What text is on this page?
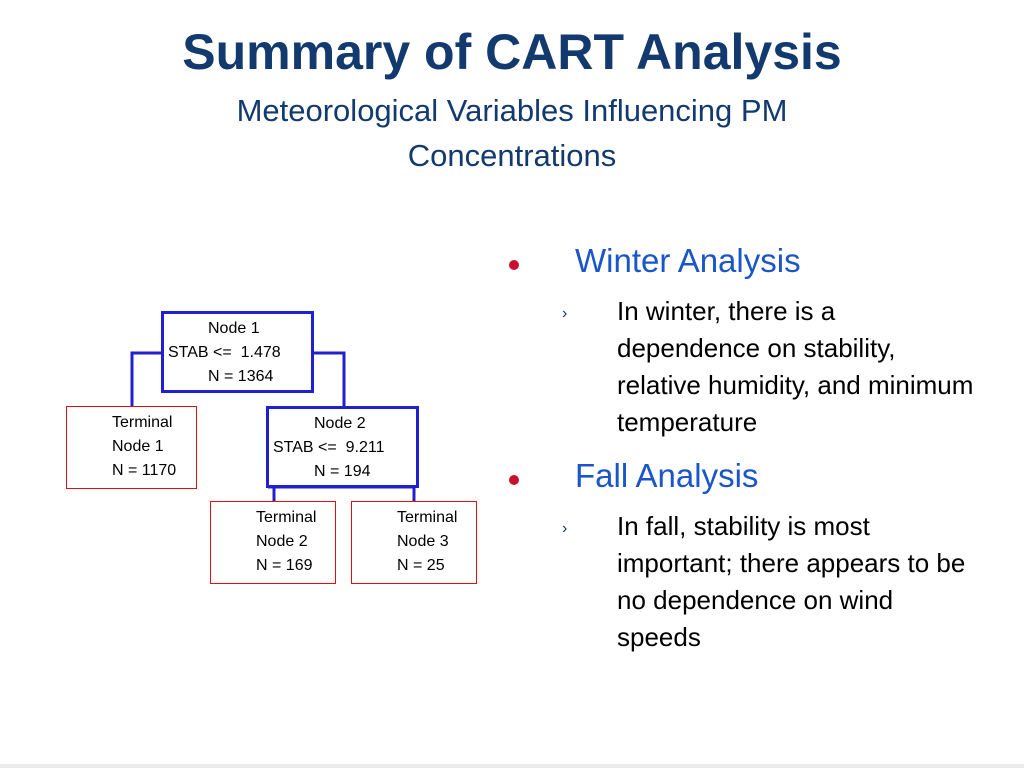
Summary of CART Analysis
Meteorological Variables Influencing PM
Concentrations
Node 1
STAB <=  1.478
N = 1364
Terminal
Node 1
N = 1170
Node 2
STAB <=  9.211
N = 194
Terminal
Node 2
N = 169
Terminal
Node 3
N = 25
Winter Analysis
› In winter, there is a dependence on stability, relative humidity, and minimum temperature
Fall Analysis
› In fall, stability is most important; there appears to be no dependence on wind speeds
